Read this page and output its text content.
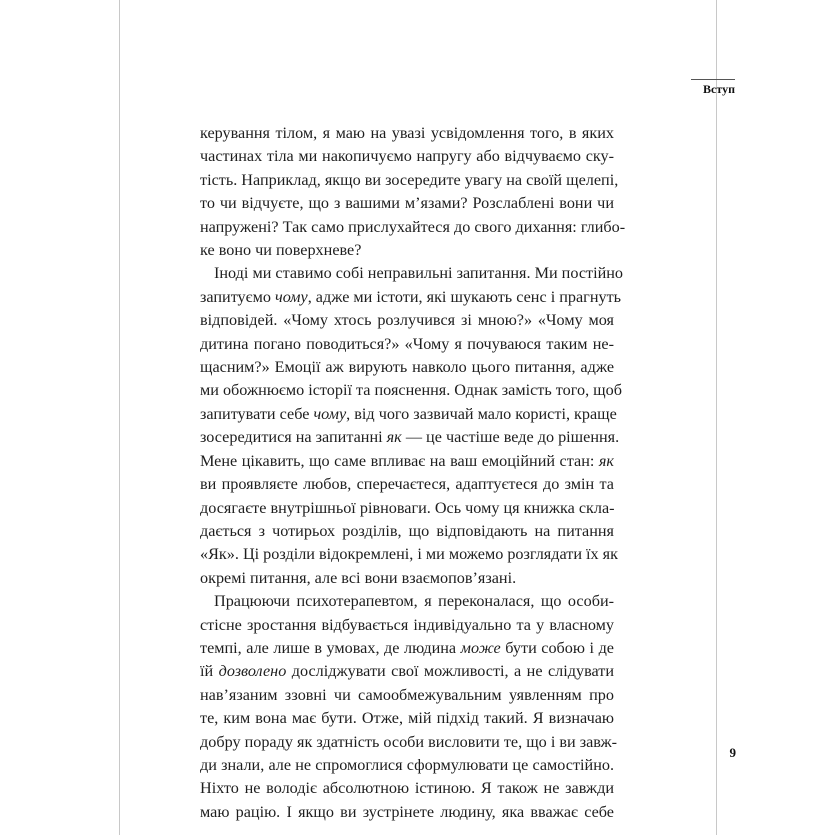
Вступ
9

керування тілом, я маю на увазі усвідомлення того, в яких
частинах тіла ми накопичуємо напругу або відчуваємо ску-
тість. Наприклад, якщо ви зосередите увагу на своїй щелепі,
то чи відчуєте, що з вашими м’язами? Розслаблені вони чи
напружені? Так само прислухайтеся до свого дихання: глибо-
ке воно чи поверхневе?

Іноді ми ставимо собі неправильні запитання. Ми постійно
запитуємо чому, адже ми істоти, які шукають сенс і прагнуть
відповідей. «Чому хтось розлучився зі мною?» «Чому моя
дитина погано поводиться?» «Чому я почуваюся таким не-
щасним?» Емоції аж вирують навколо цього питання, адже
ми обожнюємо історії та пояснення. Однак замість того, щоб
запитувати себе чому, від чого зазвичай мало користі, краще
зосередитися на запитанні як — це частіше веде до рішення.
Мене цікавить, що саме впливає на ваш емоційний стан: як
ви проявляєте любов, сперечаєтеся, адаптуєтеся до змін та
досягаєте внутрішньої рівноваги. Ось чому ця книжка скла-
дається з чотирьох розділів, що відповідають на питання
«Як». Ці розділи відокремлені, і ми можемо розглядати їх як
окремі питання, але всі вони взаємопов’язані.

Працюючи психотерапевтом, я переконалася, що особи-
стісне зростання відбувається індивідуально та у власному
темпі, але лише в умовах, де людина може бути собою і де
їй дозволено досліджувати свої можливості, а не слідувати
нав’язаним ззовні чи самообмежувальним уявленням про
те, ким вона має бути. Отже, мій підхід такий. Я визначаю
добру пораду як здатність особи висловити те, що і ви завж-
ди знали, але не спромоглися сформулювати це самостійно.
Ніхто не володіє абсолютною істиною. Я також не завжди
маю рацію. І якщо ви зустрінете людину, яка вважає себе
